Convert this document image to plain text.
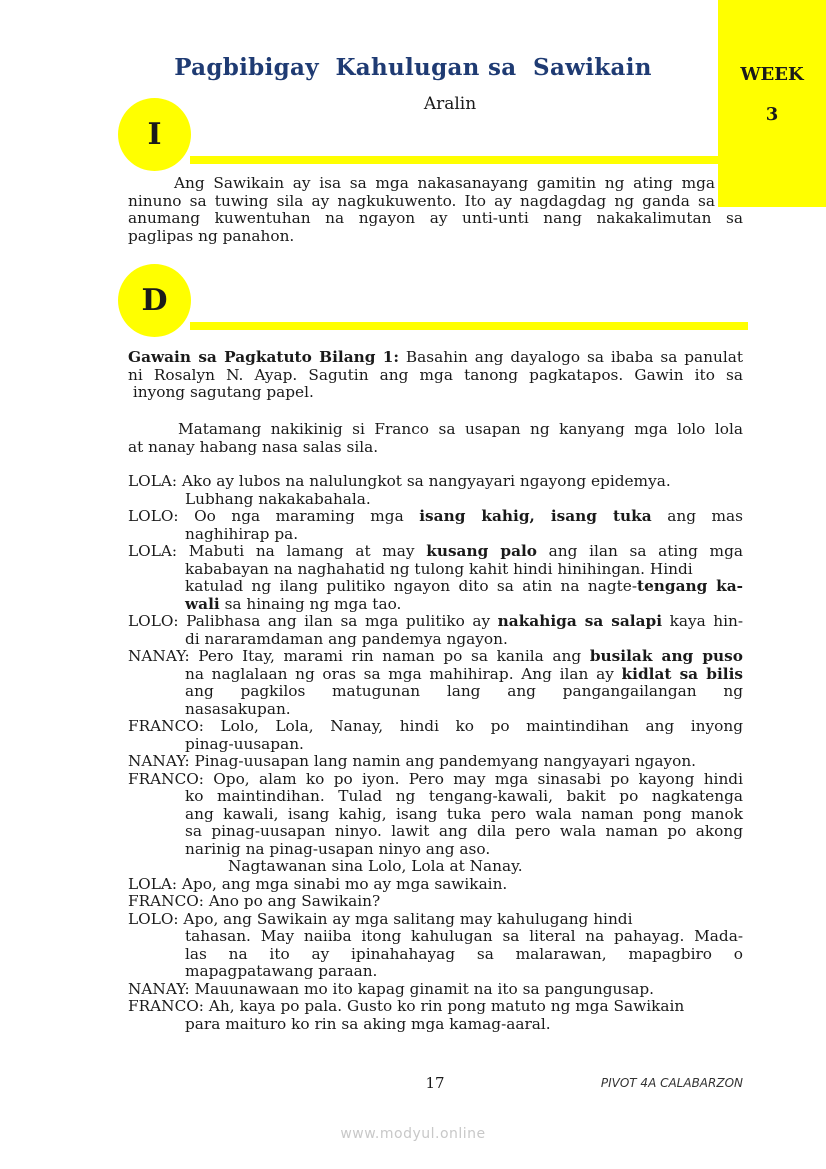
WEEK
3
Pagbibigay  Kahulugan sa  Sawikain
Aralin
I
Ang Sawikain ay isa sa mga nakasanayang gamitin ng ating mga
ninuno sa tuwing sila ay nagkukuwento. Ito ay nagdagdag ng ganda sa
anumang kuwentuhan na ngayon ay unti-unti nang nakakalimutan sa
paglipas ng panahon.
D
Gawain sa Pagkatuto Bilang 1: Basahin ang dayalogo sa ibaba sa panulat
ni Rosalyn N. Ayap. Sagutin ang mga tanong pagkatapos. Gawin ito sa
inyong sagutang papel.
Matamang nakikinig si Franco sa usapan ng kanyang mga lolo lola
at nanay habang nasa salas sila.
LOLA: Ako ay lubos na nalulungkot sa nangyayari ngayong epidemya.
Lubhang nakakabahala.
LOLO: Oo nga maraming mga isang kahig, isang tuka ang mas
naghihirap pa.
LOLA: Mabuti na lamang at may kusang palo ang ilan sa ating mga
kababayan na naghahatid ng tulong kahit hindi hinihingan. Hindi
katulad ng ilang pulitiko ngayon dito sa atin na nagte-tengang ka-
wali sa hinaing ng mga tao.
LOLO: Palibhasa ang ilan sa mga pulitiko ay nakahiga sa salapi kaya hin-
di nararamdaman ang pandemya ngayon.
NANAY: Pero Itay, marami rin naman po sa kanila ang busilak ang puso
na naglalaan ng oras sa mga mahihirap. Ang ilan ay kidlat sa bilis
ang pagkilos matugunan lang ang pangangailangan ng
nasasakupan.
FRANCO: Lolo, Lola, Nanay, hindi ko po maintindihan ang inyong
pinag-uusapan.
NANAY: Pinag-uusapan lang namin ang pandemyang nangyayari ngayon.
FRANCO: Opo, alam ko po iyon. Pero may mga sinasabi po kayong hindi
ko maintindihan. Tulad ng tengang-kawali, bakit po nagkatenga
ang kawali, isang kahig, isang tuka pero wala naman pong manok
sa pinag-uusapan ninyo. lawit ang dila pero wala naman po akong
narinig na pinag-usapan ninyo ang aso.
Nagtawanan sina Lolo, Lola at Nanay.
LOLA: Apo, ang mga sinabi mo ay mga sawikain.
FRANCO: Ano po ang Sawikain?
LOLO: Apo, ang Sawikain ay mga salitang may kahulugang hindi
tahasan. May naiiba itong kahulugan sa literal na pahayag. Mada-
las na ito ay ipinahahayag sa malarawan, mapagbiro o
mapagpatawang paraan.
NANAY: Mauunawaan mo ito kapag ginamit na ito sa pangungusap.
FRANCO: Ah, kaya po pala. Gusto ko rin pong matuto ng mga Sawikain
para maituro ko rin sa aking mga kamag-aaral.
17	PIVOT 4A CALABARZON
www.modyul.online
